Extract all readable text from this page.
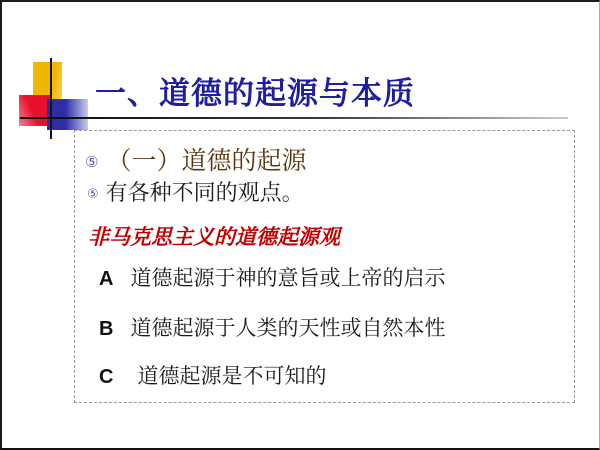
一、道德的起源与本质
⑤ （一）道德的起源
⑤ 有各种不同的观点。
非马克思主义的道德起源观
A 道德起源于神的意旨或上帝的启示
B 道德起源于人类的天性或自然本性
C 道德起源是不可知的
